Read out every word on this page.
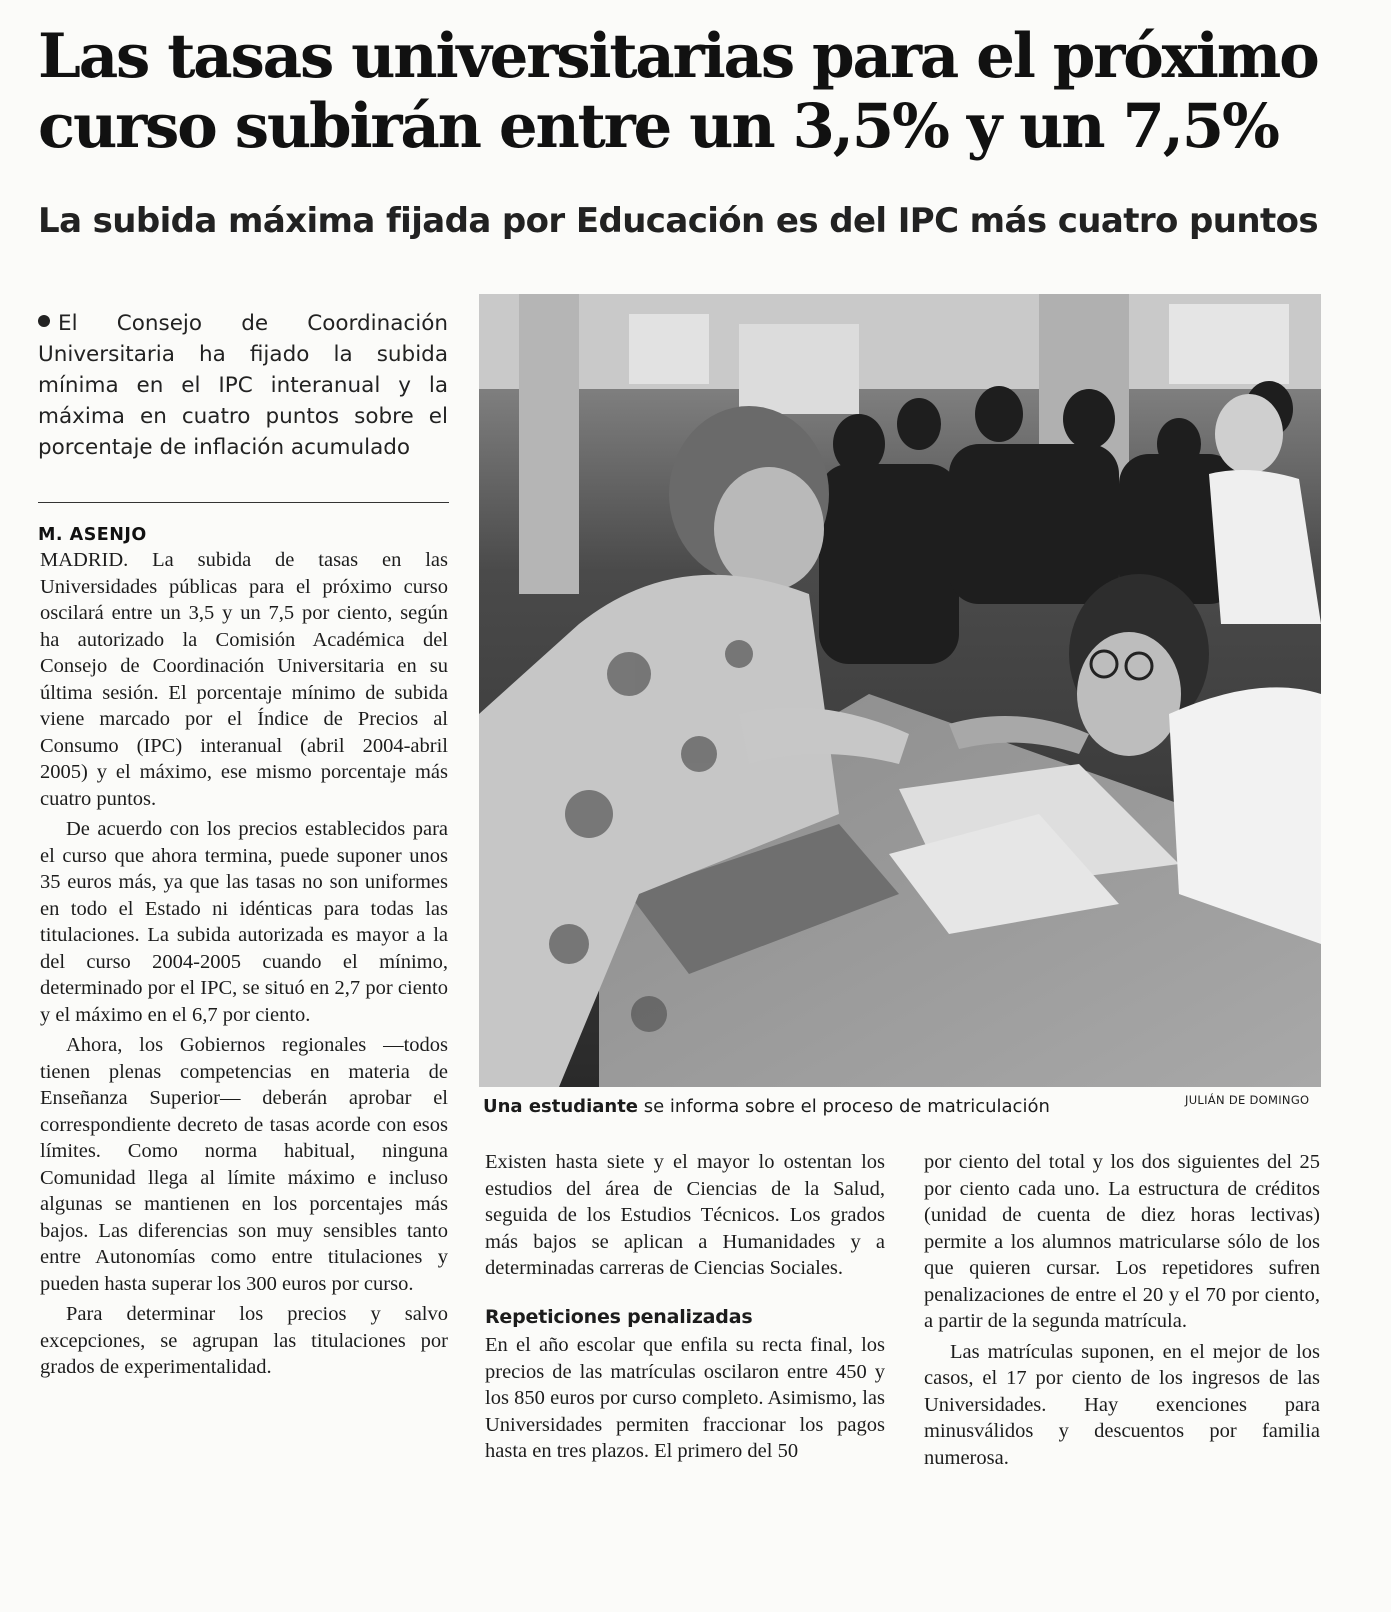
Las tasas universitarias para el próximo
curso subirán entre un 3,5% y un 7,5%
La subida máxima fijada por Educación es del IPC más cuatro puntos

El Consejo de Coordinación Universitaria ha fijado la subida mínima en el IPC interanual y la máxima en cuatro puntos sobre el porcentaje de inflación acumulado

M. ASENJO

MADRID. La subida de tasas en las Universidades públicas para el próximo curso oscilará entre un 3,5 y un 7,5 por ciento, según ha autorizado la Comisión Académica del Consejo de Coordinación Universitaria en su última sesión. El porcentaje mínimo de subida viene marcado por el Índice de Precios al Consumo (IPC) interanual (abril 2004-abril 2005) y el máximo, ese mismo porcentaje más cuatro puntos.

De acuerdo con los precios establecidos para el curso que ahora termina, puede suponer unos 35 euros más, ya que las tasas no son uniformes en todo el Estado ni idénticas para todas las titulaciones. La subida autorizada es mayor a la del curso 2004-2005 cuando el mínimo, determinado por el IPC, se situó en 2,7 por ciento y el máximo en el 6,7 por ciento.

Ahora, los Gobiernos regionales —todos tienen plenas competencias en materia de Enseñanza Superior— deberán aprobar el correspondiente decreto de tasas acorde con esos límites. Como norma habitual, ninguna Comunidad llega al límite máximo e incluso algunas se mantienen en los porcentajes más bajos. Las diferencias son muy sensibles tanto entre Autonomías como entre titulaciones y pueden hasta superar los 300 euros por curso.

Para determinar los precios y salvo excepciones, se agrupan las titulaciones por grados de experimentalidad.

Una estudiante se informa sobre el proceso de matriculación	JULIÁN DE DOMINGO

Existen hasta siete y el mayor lo ostentan los estudios del área de Ciencias de la Salud, seguida de los Estudios Técnicos. Los grados más bajos se aplican a Humanidades y a determinadas carreras de Ciencias Sociales.

Repeticiones penalizadas

En el año escolar que enfila su recta final, los precios de las matrículas oscilaron entre 450 y los 850 euros por curso completo. Asimismo, las Universidades permiten fraccionar los pagos hasta en tres plazos. El primero del 50

por ciento del total y los dos siguientes del 25 por ciento cada uno. La estructura de créditos (unidad de cuenta de diez horas lectivas) permite a los alumnos matricularse sólo de los que quieren cursar. Los repetidores sufren penalizaciones de entre el 20 y el 70 por ciento, a partir de la segunda matrícula.

Las matrículas suponen, en el mejor de los casos, el 17 por ciento de los ingresos de las Universidades. Hay exenciones para minusválidos y descuentos por familia numerosa.
